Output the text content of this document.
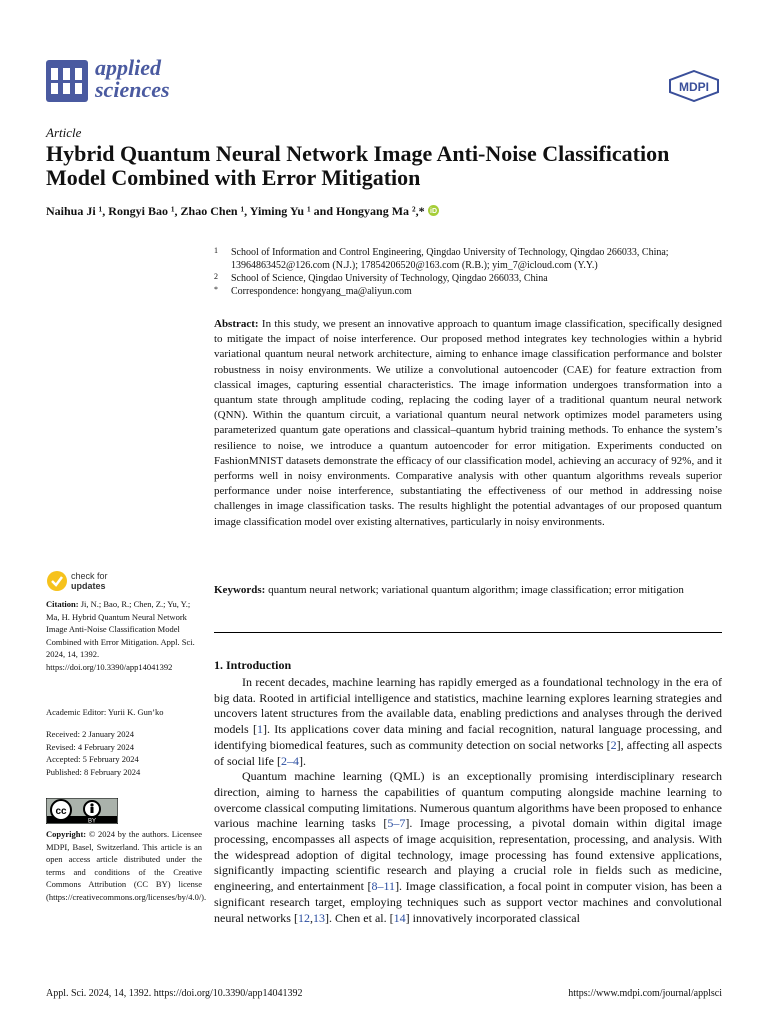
applied
sciences	MDPI
Article
Hybrid Quantum Neural Network Image Anti-Noise Classification Model Combined with Error Mitigation
Naihua Ji ¹, Rongyi Bao ¹, Zhao Chen ¹, Yiming Yu ¹ and Hongyang Ma ²,* iD
1 School of Information and Control Engineering, Qingdao University of Technology, Qingdao 266033, China; 13964863452@126.com (N.J.); 17854206520@163.com (R.B.); yim_7@icloud.com (Y.Y.)
2 School of Science, Qingdao University of Technology, Qingdao 266033, China
* Correspondence: hongyang_ma@aliyun.com
Abstract: In this study, we present an innovative approach to quantum image classification, specifically designed to mitigate the impact of noise interference. Our proposed method integrates key technologies within a hybrid variational quantum neural network architecture, aiming to enhance image classification performance and bolster robustness in noisy environments. We utilize a convolutional autoencoder (CAE) for feature extraction from classical images, capturing essential characteristics. The image information undergoes transformation into a quantum state through amplitude coding, replacing the coding layer of a traditional quantum neural network (QNN). Within the quantum circuit, a variational quantum neural network optimizes model parameters using parameterized quantum gate operations and classical–quantum hybrid training methods. To enhance the system’s resilience to noise, we introduce a quantum autoencoder for error mitigation. Experiments conducted on FashionMNIST datasets demonstrate the efficacy of our classification model, achieving an accuracy of 92%, and it performs well in noisy environments. Comparative analysis with other quantum algorithms reveals superior performance under noise interference, substantiating the effectiveness of our method in addressing noise challenges in image classification tasks. The results highlight the potential advantages of our proposed quantum image classification model over existing alternatives, particularly in noisy environments.
Keywords: quantum neural network; variational quantum algorithm; image classification; error mitigation
1. Introduction

In recent decades, machine learning has rapidly emerged as a foundational technology in the era of big data. Rooted in artificial intelligence and statistics, machine learning explores learning strategies and uncovers latent structures from the available data, enabling predictions and analyses through the derived models [1]. Its applications cover data mining and facial recognition, natural language processing, and identifying biomedical features, such as community detection on social networks [2], affecting all aspects of social life [2–4].

Quantum machine learning (QML) is an exceptionally promising interdisciplinary research direction, aiming to harness the capabilities of quantum computing alongside machine learning to overcome classical computing limitations. Numerous quantum algorithms have been proposed to enhance various machine learning tasks [5–7]. Image processing, a pivotal domain within digital image processing, encompasses all aspects of image acquisition, representation, processing, and analysis. With the widespread adoption of digital technology, image processing has found extensive applications, significantly impacting scientific research and playing a crucial role in fields such as medicine, engineering, and entertainment [8–11]. Image classification, a focal point in computer vision, has been a significant research target, employing techniques such as support vector machines and convolutional neural networks [12,13]. Chen et al. [14] innovatively incorporated classical

check for
updates
Citation: Ji, N.; Bao, R.; Chen, Z.; Yu, Y.; Ma, H. Hybrid Quantum Neural Network Image Anti-Noise Classification Model Combined with Error Mitigation. Appl. Sci. 2024, 14, 1392. https://doi.org/10.3390/app14041392
Academic Editor: Yurii K. Gun’ko
Received: 2 January 2024
Revised: 4 February 2024
Accepted: 5 February 2024
Published: 8 February 2024
cc
BY
Copyright: © 2024 by the authors. Licensee MDPI, Basel, Switzerland. This article is an open access article distributed under the terms and conditions of the Creative Commons Attribution (CC BY) license (https://creativecommons.org/licenses/by/4.0/).
Appl. Sci. 2024, 14, 1392. https://doi.org/10.3390/app14041392	https://www.mdpi.com/journal/applsci
